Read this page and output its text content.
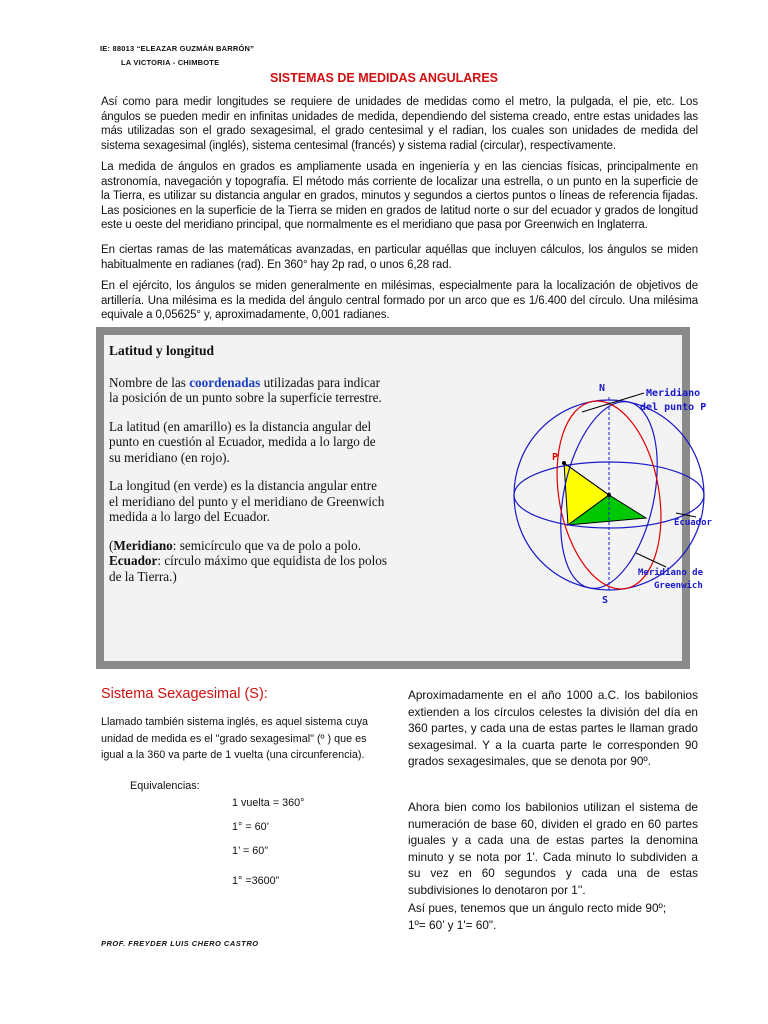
IE: 88013 “ELEAZAR GUZMÁN BARRÓN”
LA VICTORIA - CHIMBOTE
SISTEMAS DE MEDIDAS ANGULARES

Así como para medir longitudes se requiere de unidades de medidas como el metro, la pulgada, el pie, etc. Los ángulos se pueden medir en infinitas unidades de medida, dependiendo del sistema creado, entre estas unidades las más utilizadas son el grado sexagesimal, el grado centesimal y el radian, los cuales son unidades de medida del sistema sexagesimal (inglés), sistema centesimal (francés) y sistema radial (circular), respectivamente.

La medida de ángulos en grados es ampliamente usada en ingeniería y en las ciencias físicas, principalmente en astronomía, navegación y topografía. El método más corriente de localizar una estrella, o un punto en la superficie de la Tierra, es utilizar su distancia angular en grados, minutos y segundos a ciertos puntos o líneas de referencia fijadas. Las posiciones en la superficie de la Tierra se miden en grados de latitud norte o sur del ecuador y grados de longitud este u oeste del meridiano principal, que normalmente es el meridiano que pasa por Greenwich en Inglaterra.

En ciertas ramas de las matemáticas avanzadas, en particular aquéllas que incluyen cálculos, los ángulos se miden habitualmente en radianes (rad). En 360° hay 2p rad, o unos 6,28 rad.

En el ejército, los ángulos se miden generalmente en milésimas, especialmente para la localización de objetivos de artillería. Una milésima es la medida del ángulo central formado por un arco que es 1/6.400 del círculo. Una milésima equivale a 0,05625° y, aproximadamente, 0,001 radianes.

Latitud y longitud

Nombre de las coordenadas utilizadas para indicar la posición de un punto sobre la superficie terrestre.

La latitud (en amarillo) es la distancia angular del punto en cuestión al Ecuador, medida a lo largo de su meridiano (en rojo).

La longitud (en verde) es la distancia angular entre el meridiano del punto y el meridiano de Greenwich medida a lo largo del Ecuador.

(Meridiano: semicírculo que va de polo a polo. Ecuador: círculo máximo que equidista de los polos de la Tierra.)

N
S
P
Meridiano
del punto P
Ecuador
Meridiano de
Greenwich
Sistema Sexagesimal (S):

Llamado también sistema inglés, es aquel sistema cuya unidad de medida es el "grado sexagesimal" (º ) que es igual a la 360 va parte de 1 vuelta (una circunferencia).

Equivalencias:
1 vuelta = 360°
1° = 60’
1’ = 60”
1° =3600”

Aproximadamente en el año 1000 a.C. los babilonios extienden a los círculos celestes la división del día en 360 partes, y cada una de estas partes le llaman grado sexagesimal. Y a la cuarta parte le corresponden 90 grados sexagesimales, que se denota por 90º.

Ahora bien como los babilonios utilizan el sistema de numeración de base 60, dividen el grado en 60 partes iguales y a cada una de estas partes la denomina minuto y se nota por 1'. Cada minuto lo subdividen a su vez en 60 segundos y cada una de estas subdivisiones lo denotaron por 1''.

Así pues, tenemos que un ángulo recto mide 90º;

1º= 60’ y 1'= 60".

PROF. FREYDER LUIS CHERO CASTRO
